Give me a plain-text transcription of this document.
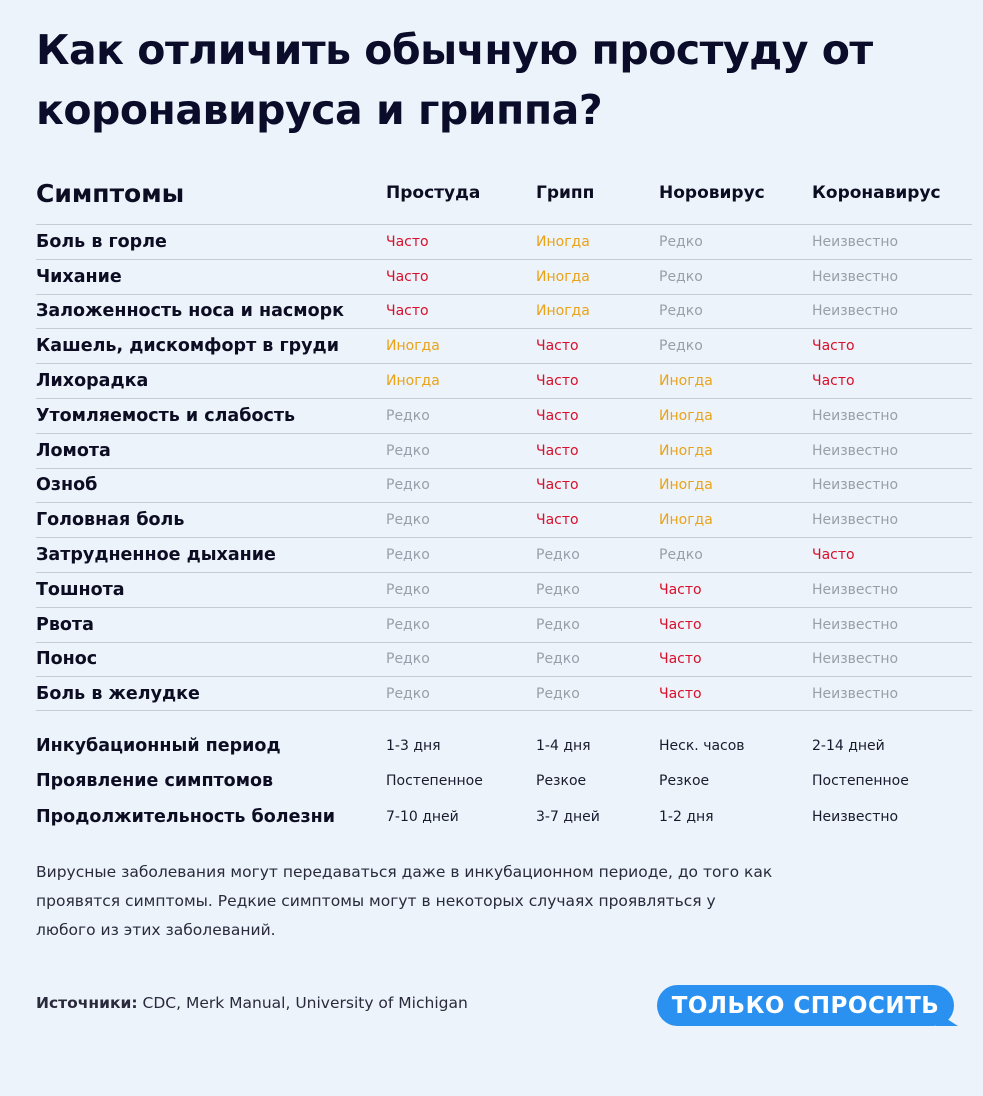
Как отличить обычную простуду от коронавируса и гриппа?
Симптомы	Простуда	Грипп	Норовирус	Коронавирус
Боль в горле	Часто	Иногда	Редко	Неизвестно
Чихание	Часто	Иногда	Редко	Неизвестно
Заложенность носа и насморк	Часто	Иногда	Редко	Неизвестно
Кашель, дискомфорт в груди	Иногда	Часто	Редко	Часто
Лихорадка	Иногда	Часто	Иногда	Часто
Утомляемость и слабость	Редко	Часто	Иногда	Неизвестно
Ломота	Редко	Часто	Иногда	Неизвестно
Озноб	Редко	Часто	Иногда	Неизвестно
Головная боль	Редко	Часто	Иногда	Неизвестно
Затрудненное дыхание	Редко	Редко	Редко	Часто
Тошнота	Редко	Редко	Часто	Неизвестно
Рвота	Редко	Редко	Часто	Неизвестно
Понос	Редко	Редко	Часто	Неизвестно
Боль в желудке	Редко	Редко	Часто	Неизвестно
Инкубационный период	1-3 дня	1-4 дня	Неск. часов	2-14 дней
Проявление симптомов	Постепенное	Резкое	Резкое	Постепенное
Продолжительность болезни	7-10 дней	3-7 дней	1-2 дня	Неизвестно
Вирусные заболевания могут передаваться даже в инкубационном периоде, до того как проявятся симптомы. Редкие симптомы могут в некоторых случаях проявляться у любого из этих заболеваний.
Источники: CDC, Merk Manual, University of Michigan	ТОЛЬКО СПРОСИТЬ
